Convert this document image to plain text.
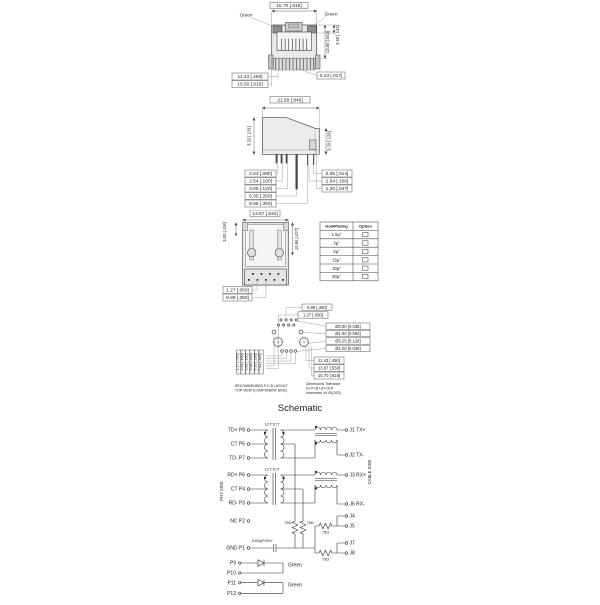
15.70 [.618]
Green	Green
13.80 [.543] 3.60 [.142]
0.43 [.017]
11.43 [.450]
15.50 [.610]
21.50 [.846]
3.32 [.131]	3.20 [.126]
2.03 [.080]
2.54 [.100]
3.05 [.120]
6.35 [.250]
8.89 [.350]
0.35 [.014]
2.54 [.100]
1.20 [.047]
13.57 [.534]
3.00 [.118]	10.85 [.427]
1.27 [.050]
8.89 [.350]
GoldPlating	Option
1.5µ"
3µ"
6µ"
15µ"
30µ"
50µ"
8.89 [.350]
1.27 [.050]
Ø0.90 [0.035]
Ø1.60 [0.063]
Ø3.25 [0.128]
Ø1.00 [0.039]
11.43 [.450]
13.97 [.550]
15.70 [.618]
1.27 [.050] 2.54 [.100] 3.81 [.150] 5.08 [.200] 6.35 [.250] 7.62 [.300]
RECOMMENDED P.C.B LAYOUT
TOP VIEW (COMPONENT SIDE)
Dimensions Tolerance
for PCB LAY-OUT
tolerances ±0.05[.002]
Schematic
PHY SIDE
CABLE SIDE
TD+ P8
CT P5
TD- P7
RD+ P6
CT P4
RD- P3
NC P2
GND P1
1CT:1CT
1CT:1CT
75Ω	75Ω
75Ω
75Ω
1000pF/2KV
J1 TX+
J2 TX-
J3 RX+
J6 RX-
J4
J5
J7
J8
P9
P10
Green
P11
P12
Green
